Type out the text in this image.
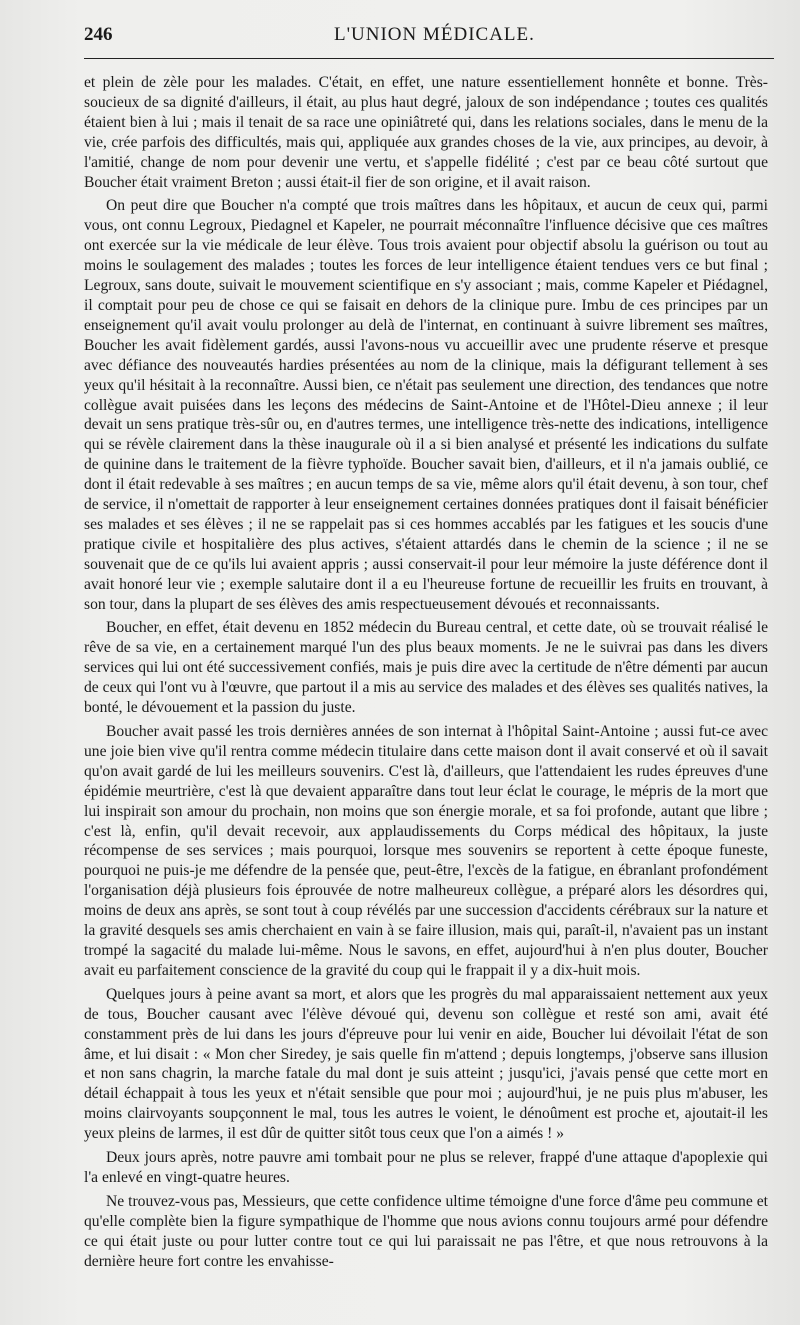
246	L'UNION MÉDICALE.

et plein de zèle pour les malades. C'était, en effet, une nature essentiellement honnête et bonne. Très-soucieux de sa dignité d'ailleurs, il était, au plus haut degré, jaloux de son indépendance ; toutes ces qualités étaient bien à lui ; mais il tenait de sa race une opiniâtreté qui, dans les relations sociales, dans le menu de la vie, crée parfois des difficultés, mais qui, appliquée aux grandes choses de la vie, aux principes, au devoir, à l'amitié, change de nom pour devenir une vertu, et s'appelle fidélité ; c'est par ce beau côté surtout que Boucher était vraiment Breton ; aussi était-il fier de son origine, et il avait raison.

On peut dire que Boucher n'a compté que trois maîtres dans les hôpitaux, et aucun de ceux qui, parmi vous, ont connu Legroux, Piedagnel et Kapeler, ne pourrait méconnaître l'influence décisive que ces maîtres ont exercée sur la vie médicale de leur élève. Tous trois avaient pour objectif absolu la guérison ou tout au moins le soulagement des malades ; toutes les forces de leur intelligence étaient tendues vers ce but final ; Legroux, sans doute, suivait le mouvement scientifique en s'y associant ; mais, comme Kapeler et Piédagnel, il comptait pour peu de chose ce qui se faisait en dehors de la clinique pure. Imbu de ces principes par un enseignement qu'il avait voulu prolonger au delà de l'internat, en continuant à suivre librement ses maîtres, Boucher les avait fidèlement gardés, aussi l'avons-nous vu accueillir avec une prudente réserve et presque avec défiance des nouveautés hardies présentées au nom de la clinique, mais la défigurant tellement à ses yeux qu'il hésitait à la reconnaître. Aussi bien, ce n'était pas seulement une direction, des tendances que notre collègue avait puisées dans les leçons des médecins de Saint-Antoine et de l'Hôtel-Dieu annexe ; il leur devait un sens pratique très-sûr ou, en d'autres termes, une intelligence très-nette des indications, intelligence qui se révèle clairement dans la thèse inaugurale où il a si bien analysé et présenté les indications du sulfate de quinine dans le traitement de la fièvre typhoïde. Boucher savait bien, d'ailleurs, et il n'a jamais oublié, ce dont il était redevable à ses maîtres ; en aucun temps de sa vie, même alors qu'il était devenu, à son tour, chef de service, il n'omettait de rapporter à leur enseignement certaines données pratiques dont il faisait bénéficier ses malades et ses élèves ; il ne se rappelait pas si ces hommes accablés par les fatigues et les soucis d'une pratique civile et hospitalière des plus actives, s'étaient attardés dans le chemin de la science ; il ne se souvenait que de ce qu'ils lui avaient appris ; aussi conservait-il pour leur mémoire la juste déférence dont il avait honoré leur vie ; exemple salutaire dont il a eu l'heureuse fortune de recueillir les fruits en trouvant, à son tour, dans la plupart de ses élèves des amis respectueusement dévoués et reconnaissants.

Boucher, en effet, était devenu en 1852 médecin du Bureau central, et cette date, où se trouvait réalisé le rêve de sa vie, en a certainement marqué l'un des plus beaux moments. Je ne le suivrai pas dans les divers services qui lui ont été successivement confiés, mais je puis dire avec la certitude de n'être démenti par aucun de ceux qui l'ont vu à l'œuvre, que partout il a mis au service des malades et des élèves ses qualités natives, la bonté, le dévouement et la passion du juste.

Boucher avait passé les trois dernières années de son internat à l'hôpital Saint-Antoine ; aussi fut-ce avec une joie bien vive qu'il rentra comme médecin titulaire dans cette maison dont il avait conservé et où il savait qu'on avait gardé de lui les meilleurs souvenirs. C'est là, d'ailleurs, que l'attendaient les rudes épreuves d'une épidémie meurtrière, c'est là que devaient apparaître dans tout leur éclat le courage, le mépris de la mort que lui inspirait son amour du prochain, non moins que son énergie morale, et sa foi profonde, autant que libre ; c'est là, enfin, qu'il devait recevoir, aux applaudissements du Corps médical des hôpitaux, la juste récompense de ses services ; mais pourquoi, lorsque mes souvenirs se reportent à cette époque funeste, pourquoi ne puis-je me défendre de la pensée que, peut-être, l'excès de la fatigue, en ébranlant profondément l'organisation déjà plusieurs fois éprouvée de notre malheureux collègue, a préparé alors les désordres qui, moins de deux ans après, se sont tout à coup révélés par une succession d'accidents cérébraux sur la nature et la gravité desquels ses amis cherchaient en vain à se faire illusion, mais qui, paraît-il, n'avaient pas un instant trompé la sagacité du malade lui-même. Nous le savons, en effet, aujourd'hui à n'en plus douter, Boucher avait eu parfaitement conscience de la gravité du coup qui le frappait il y a dix-huit mois.

Quelques jours à peine avant sa mort, et alors que les progrès du mal apparaissaient nettement aux yeux de tous, Boucher causant avec l'élève dévoué qui, devenu son collègue et resté son ami, avait été constamment près de lui dans les jours d'épreuve pour lui venir en aide, Boucher lui dévoilait l'état de son âme, et lui disait : « Mon cher Siredey, je sais quelle fin m'attend ; depuis longtemps, j'observe sans illusion et non sans chagrin, la marche fatale du mal dont je suis atteint ; jusqu'ici, j'avais pensé que cette mort en détail échappait à tous les yeux et n'était sensible que pour moi ; aujourd'hui, je ne puis plus m'abuser, les moins clairvoyants soupçonnent le mal, tous les autres le voient, le dénoûment est proche et, ajoutait-il les yeux pleins de larmes, il est dûr de quitter sitôt tous ceux que l'on a aimés ! »

Deux jours après, notre pauvre ami tombait pour ne plus se relever, frappé d'une attaque d'apoplexie qui l'a enlevé en vingt-quatre heures.

Ne trouvez-vous pas, Messieurs, que cette confidence ultime témoigne d'une force d'âme peu commune et qu'elle complète bien la figure sympathique de l'homme que nous avions connu toujours armé pour défendre ce qui était juste ou pour lutter contre tout ce qui lui paraissait ne pas l'être, et que nous retrouvons à la dernière heure fort contre les envahisse-
